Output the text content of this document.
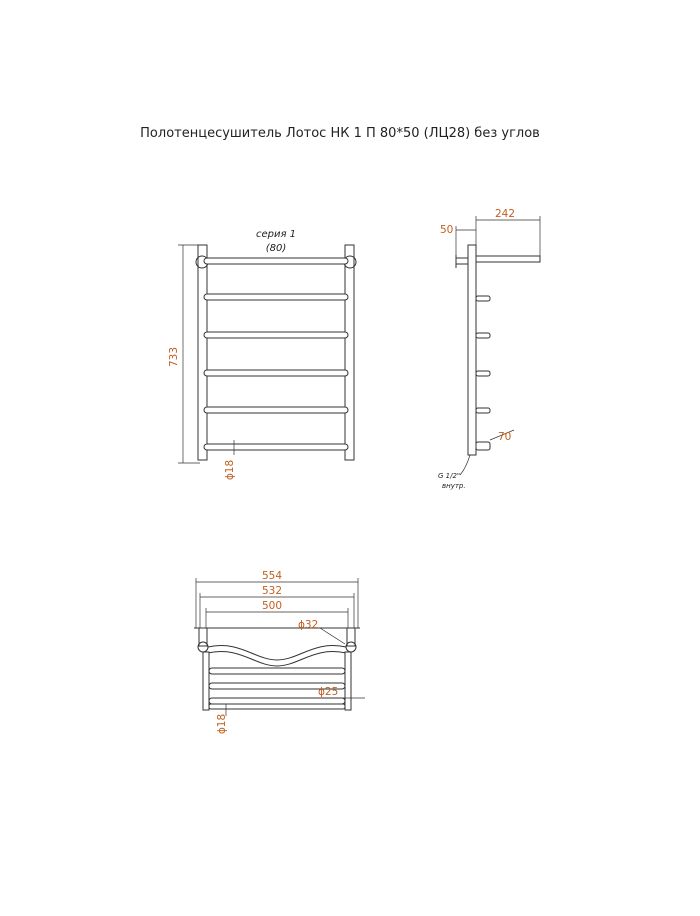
Полотенцесушитель Лотос НК 1 П 80*50 (ЛЦ28) без углов
733
серия 1
(80)
ϕ18
50
242
70
G 1/2"
внутр.
554
532
500
ϕ32
ϕ25
ϕ18
